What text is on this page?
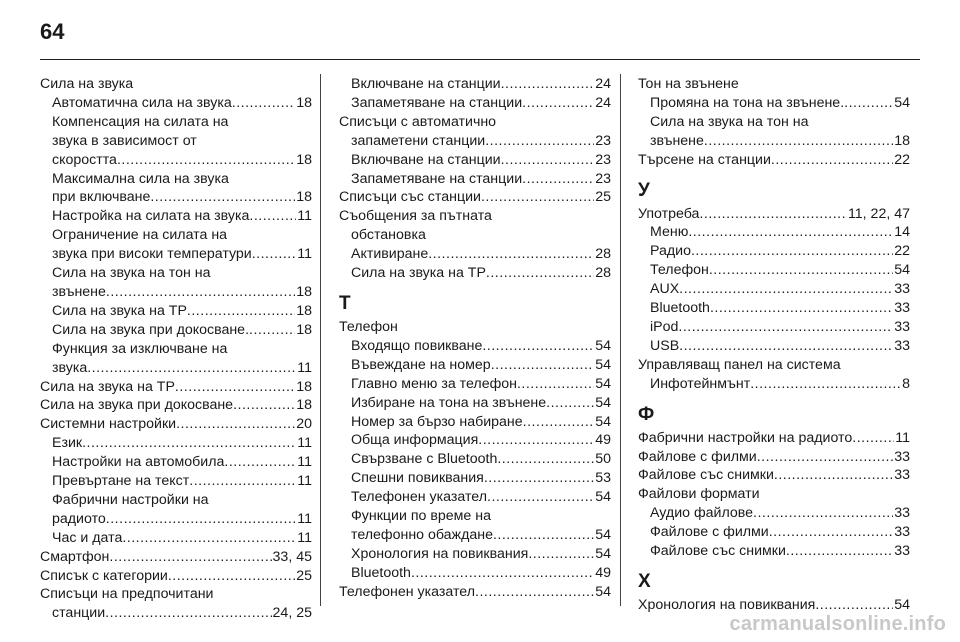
64
Сила на звука
Автоматична сила на звука .....	18
Компенсация на силата на
звука в зависимост от
скоростта .....	18
Максимална сила на звука
при включване .....	18
Настройка на силата на звука .....	11
Ограничение на силата на
звука при високи температури .....	11
Сила на звука на тон на
звънене .....	18
Сила на звука на TP .....	18
Сила на звука при докосване. .....	18
Функция за изключване на
звука .....	11
Сила на звука на TP .....	18
Сила на звука при докосване .....	18
Системни настройки .....	20
Език .....	11
Настройки на автомобила .....	11
Превъртане на текст .....	11
Фабрични настройки на
радиото .....	11
Час и дата .....	11
Смартфон .....	33, 45
Списък с категории .....	25
Списъци на предпочитани
станции .....	24, 25
Включване на станции .....	24
Запаметяване на станции .....	24
Списъци с автоматично
запаметени станции .....	23
Включване на станции .....	23
Запаметяване на станции .....	23
Списъци със станции .....	25
Съобщения за пътната
обстановка
Активиране .....	28
Сила на звука на TP .....	28
Т
Телефон
Входящо повикване .....	54
Въвеждане на номер .....	54
Главно меню за телефон .....	54
Избиране на тона на звънене .....	54
Номер за бързо набиране .....	54
Обща информация .....	49
Свързване с Bluetooth .....	50
Спешни повиквания .....	53
Телефонен указател .....	54
Функции по време на
телефонно обаждане .....	54
Хронология на повиквания .....	54
Bluetooth .....	49
Телефонен указател .....	54
Тон на звънене
Промяна на тона на звънене. .....	54
Сила на звука на тон на
звънене .....	18
Търсене на станции .....	22
У
Употреба .....	11, 22, 47
Меню .....	14
Радио .....	22
Телефон .....	54
AUX .....	33
Bluetooth .....	33
iPod .....	33
USB .....	33
Управляващ панел на система
Инфотейнмънт .....	8
Ф
Фабрични настройки на радиото .....	11
Файлове с филми .....	33
Файлове със снимки .....	33
Файлови формати
Аудио файлове .....	33
Файлове с филми .....	33
Файлове със снимки .....	33
Х
Хронология на повиквания .....	54
carmanualsonline.info
